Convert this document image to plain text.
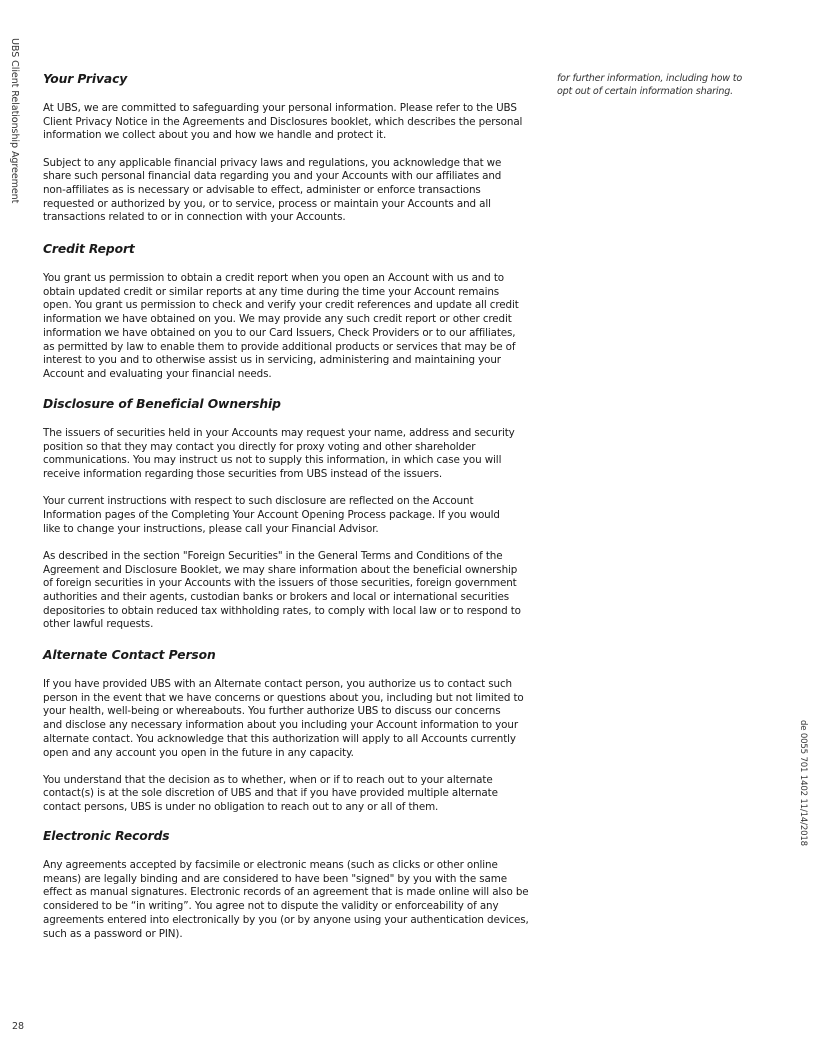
UBS Client Relationship Agreement
de 0055 701 1402 11/14/2018
28

for further information, including how to
opt out of certain information sharing.

Your Privacy

At UBS, we are committed to safeguarding your personal information. Please refer to the UBS
Client Privacy Notice in the Agreements and Disclosures booklet, which describes the personal
information we collect about you and how we handle and protect it.

Subject to any applicable financial privacy laws and regulations, you acknowledge that we
share such personal financial data regarding you and your Accounts with our affiliates and
non-affiliates as is necessary or advisable to effect, administer or enforce transactions
requested or authorized by you, or to service, process or maintain your Accounts and all
transactions related to or in connection with your Accounts.

Credit Report

You grant us permission to obtain a credit report when you open an Account with us and to
obtain updated credit or similar reports at any time during the time your Account remains
open. You grant us permission to check and verify your credit references and update all credit
information we have obtained on you. We may provide any such credit report or other credit
information we have obtained on you to our Card Issuers, Check Providers or to our affiliates,
as permitted by law to enable them to provide additional products or services that may be of
interest to you and to otherwise assist us in servicing, administering and maintaining your
Account and evaluating your financial needs.

Disclosure of Beneficial Ownership

The issuers of securities held in your Accounts may request your name, address and security
position so that they may contact you directly for proxy voting and other shareholder
communications. You may instruct us not to supply this information, in which case you will
receive information regarding those securities from UBS instead of the issuers.

Your current instructions with respect to such disclosure are reflected on the Account
Information pages of the Completing Your Account Opening Process package. If you would
like to change your instructions, please call your Financial Advisor.

As described in the section "Foreign Securities" in the General Terms and Conditions of the
Agreement and Disclosure Booklet, we may share information about the beneficial ownership
of foreign securities in your Accounts with the issuers of those securities, foreign government
authorities and their agents, custodian banks or brokers and local or international securities
depositories to obtain reduced tax withholding rates, to comply with local law or to respond to
other lawful requests.

Alternate Contact Person

If you have provided UBS with an Alternate contact person, you authorize us to contact such
person in the event that we have concerns or questions about you, including but not limited to
your health, well-being or whereabouts. You further authorize UBS to discuss our concerns
and disclose any necessary information about you including your Account information to your
alternate contact. You acknowledge that this authorization will apply to all Accounts currently
open and any account you open in the future in any capacity.

You understand that the decision as to whether, when or if to reach out to your alternate
contact(s) is at the sole discretion of UBS and that if you have provided multiple alternate
contact persons, UBS is under no obligation to reach out to any or all of them.

Electronic Records

Any agreements accepted by facsimile or electronic means (such as clicks or other online
means) are legally binding and are considered to have been "signed" by you with the same
effect as manual signatures. Electronic records of an agreement that is made online will also be
considered to be “in writing”. You agree not to dispute the validity or enforceability of any
agreements entered into electronically by you (or by anyone using your authentication devices,
such as a password or PIN).
